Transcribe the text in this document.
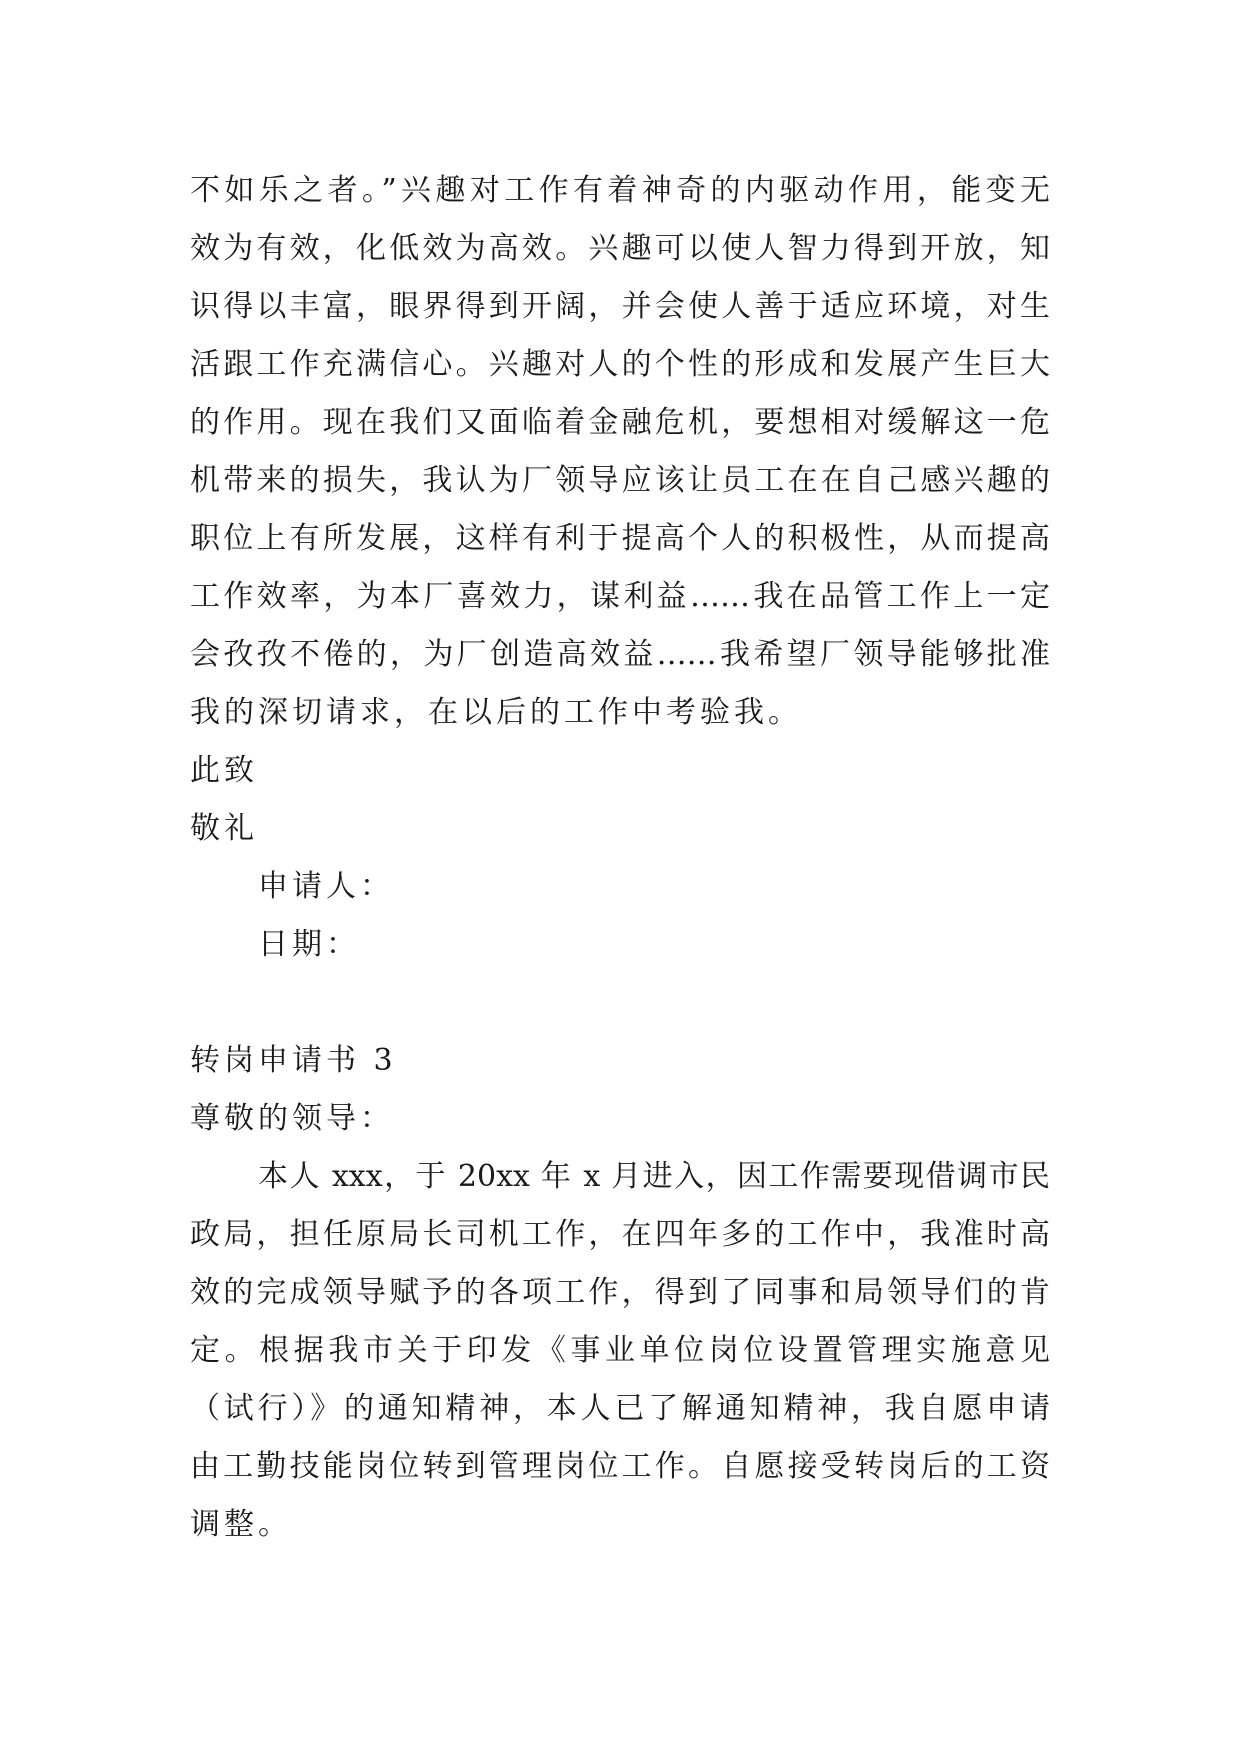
不如乐之者。”兴趣对工作有着神奇的内驱动作用，能变无
效为有效，化低效为高效。兴趣可以使人智力得到开放，知
识得以丰富，眼界得到开阔，并会使人善于适应环境，对生
活跟工作充满信心。兴趣对人的个性的形成和发展产生巨大
的作用。现在我们又面临着金融危机，要想相对缓解这一危
机带来的损失，我认为厂领导应该让员工在在自己感兴趣的
职位上有所发展，这样有利于提高个人的积极性，从而提高
工作效率，为本厂喜效力，谋利益……我在品管工作上一定
会孜孜不倦的，为厂创造高效益……我希望厂领导能够批准
我的深切请求，在以后的工作中考验我。
此致
敬礼
申请人：
日期：
转岗申请书 3
尊敬的领导：
本人 xxx，于 20xx 年 x 月进入，因工作需要现借调市民
政局，担任原局长司机工作，在四年多的工作中，我准时高
效的完成领导赋予的各项工作，得到了同事和局领导们的肯
定。根据我市关于印发《事业单位岗位设置管理实施意见
（试行）》的通知精神，本人已了解通知精神，我自愿申请
由工勤技能岗位转到管理岗位工作。自愿接受转岗后的工资
调整。
